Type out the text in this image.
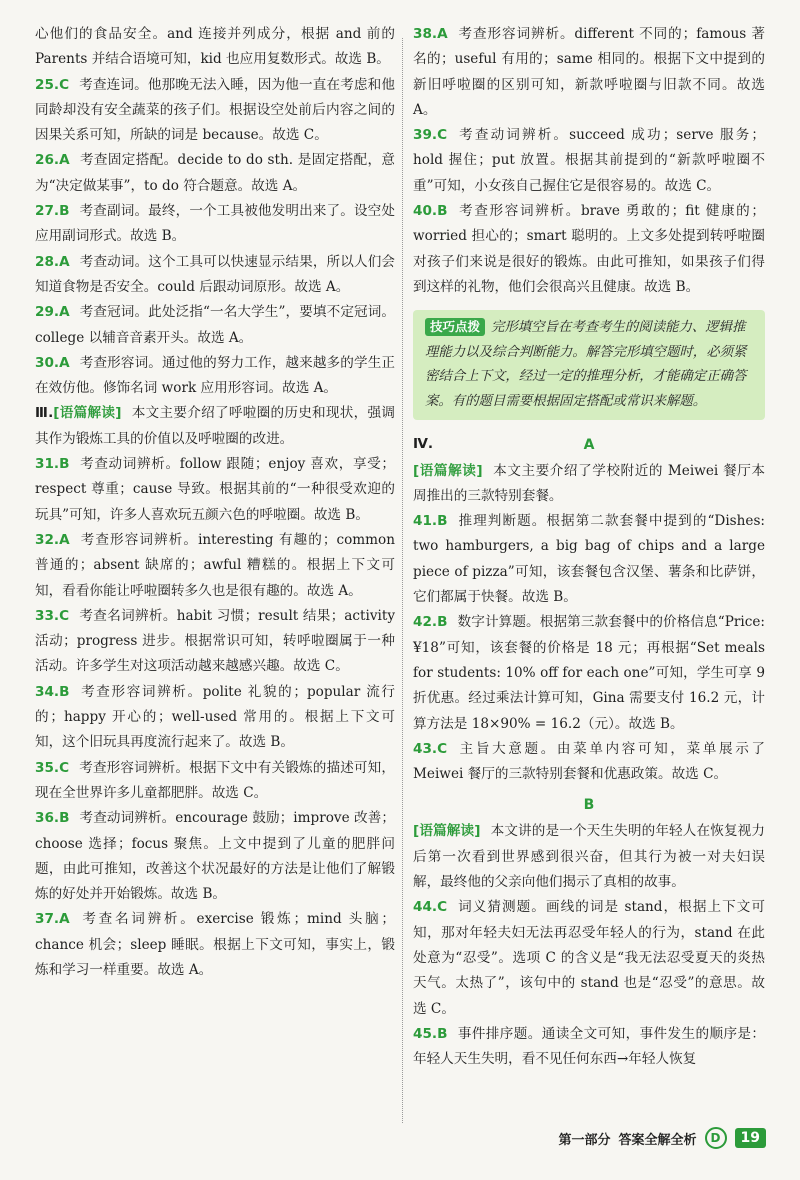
心他们的食品安全。and 连接并列成分，根据 and 前的 Parents 并结合语境可知，kid 也应用复数形式。故选 B。

25.C 考查连词。他那晚无法入睡，因为他一直在考虑和他同龄却没有安全蔬菜的孩子们。根据设空处前后内容之间的因果关系可知，所缺的词是 because。故选 C。

26.A 考查固定搭配。decide to do sth. 是固定搭配，意为“决定做某事”，to do 符合题意。故选 A。

27.B 考查副词。最终，一个工具被他发明出来了。设空处应用副词形式。故选 B。

28.A 考查动词。这个工具可以快速显示结果，所以人们会知道食物是否安全。could 后跟动词原形。故选 A。

29.A 考查冠词。此处泛指“一名大学生”，要填不定冠词。college 以辅音音素开头。故选 A。

30.A 考查形容词。通过他的努力工作，越来越多的学生正在效仿他。修饰名词 work 应用形容词。故选 A。

Ⅲ.[语篇解读] 本文主要介绍了呼啦圈的历史和现状，强调其作为锻炼工具的价值以及呼啦圈的改进。

31.B 考查动词辨析。follow 跟随；enjoy 喜欢，享受；respect 尊重；cause 导致。根据其前的“一种很受欢迎的玩具”可知，许多人喜欢玩五颜六色的呼啦圈。故选 B。

32.A 考查形容词辨析。interesting 有趣的；common 普通的；absent 缺席的；awful 糟糕的。根据上下文可知，看看你能让呼啦圈转多久也是很有趣的。故选 A。

33.C 考查名词辨析。habit 习惯；result 结果；activity 活动；progress 进步。根据常识可知，转呼啦圈属于一种活动。许多学生对这项活动越来越感兴趣。故选 C。

34.B 考查形容词辨析。polite 礼貌的；popular 流行的；happy 开心的；well-used 常用的。根据上下文可知，这个旧玩具再度流行起来了。故选 B。

35.C 考查形容词辨析。根据下文中有关锻炼的描述可知，现在全世界许多儿童都肥胖。故选 C。

36.B 考查动词辨析。encourage 鼓励；improve 改善；choose 选择；focus 聚焦。上文中提到了儿童的肥胖问题，由此可推知，改善这个状况最好的方法是让他们了解锻炼的好处并开始锻炼。故选 B。

37.A 考查名词辨析。exercise 锻炼；mind 头脑；chance 机会；sleep 睡眠。根据上下文可知，事实上，锻炼和学习一样重要。故选 A。

38.A 考查形容词辨析。different 不同的；famous 著名的；useful 有用的；same 相同的。根据下文中提到的新旧呼啦圈的区别可知，新款呼啦圈与旧款不同。故选 A。

39.C 考查动词辨析。succeed 成功；serve 服务；hold 握住；put 放置。根据其前提到的“新款呼啦圈不重”可知，小女孩自己握住它是很容易的。故选 C。

40.B 考查形容词辨析。brave 勇敢的；fit 健康的；worried 担心的；smart 聪明的。上文多处提到转呼啦圈对孩子们来说是很好的锻炼。由此可推知，如果孩子们得到这样的礼物，他们会很高兴且健康。故选 B。

技巧点拨 完形填空旨在考查考生的阅读能力、逻辑推理能力以及综合判断能力。解答完形填空题时，必须紧密结合上下文，经过一定的推理分析，才能确定正确答案。有的题目需要根据固定搭配或常识来解题。

Ⅳ.	A

[语篇解读] 本文主要介绍了学校附近的 Meiwei 餐厅本周推出的三款特别套餐。

41.B 推理判断题。根据第二款套餐中提到的“Dishes: two hamburgers, a big bag of chips and a large piece of pizza”可知，该套餐包含汉堡、薯条和比萨饼，它们都属于快餐。故选 B。

42.B 数字计算题。根据第三款套餐中的价格信息“Price: ¥18”可知，该套餐的价格是 18 元；再根据“Set meals for students: 10% off for each one”可知，学生可享 9 折优惠。经过乘法计算可知，Gina 需要支付 16.2 元，计算方法是 18×90% = 16.2（元）。故选 B。

43.C 主旨大意题。由菜单内容可知，菜单展示了 Meiwei 餐厅的三款特别套餐和优惠政策。故选 C。

B

[语篇解读] 本文讲的是一个天生失明的年轻人在恢复视力后第一次看到世界感到很兴奋，但其行为被一对夫妇误解，最终他的父亲向他们揭示了真相的故事。

44.C 词义猜测题。画线的词是 stand，根据上下文可知，那对年轻夫妇无法再忍受年轻人的行为，stand 在此处意为“忍受”。选项 C 的含义是“我无法忍受夏天的炎热天气。太热了”，该句中的 stand 也是“忍受”的意思。故选 C。

45.B 事件排序题。通读全文可知，事件发生的顺序是：年轻人天生失明，看不见任何东西→年轻人恢复

第一部分 答案全解全析	D	19
